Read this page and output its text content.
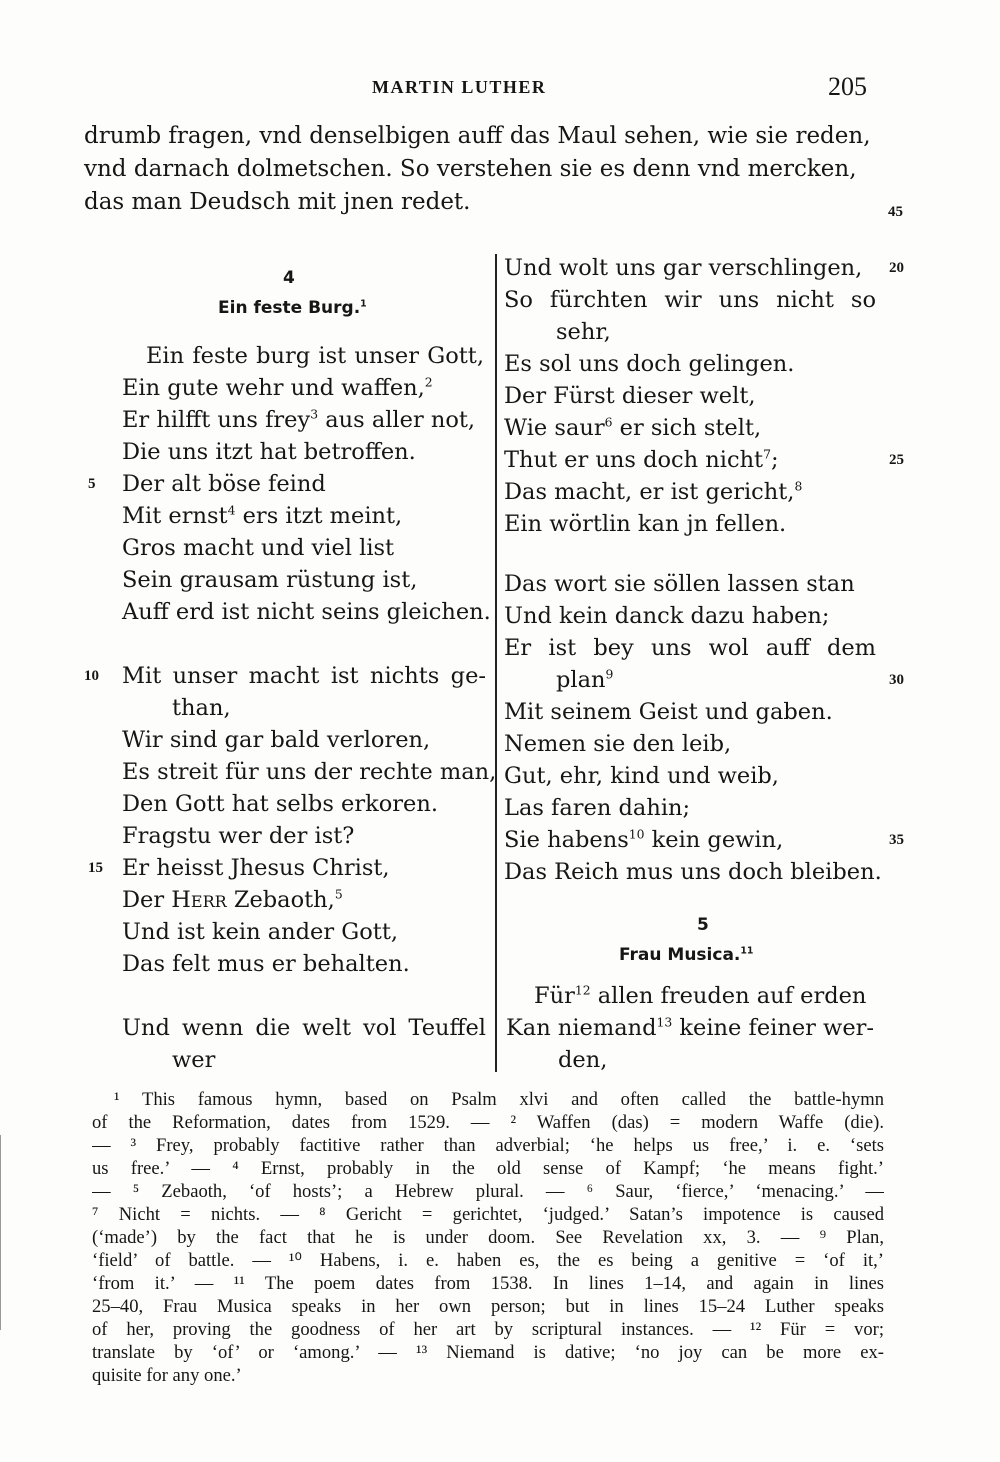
MARTIN LUTHER	205
drumb fragen, vnd denselbigen auff das Maul sehen, wie sie reden,
vnd darnach dolmetschen. So verstehen sie es denn vnd mercken,
das man Deudsch mit jnen redet.	45
4
Ein feste Burg.$^1$
Ein feste burg ist unser Gott,
Ein gute wehr und waffen,$^2$
Er hilfft uns frey$^3$ aus aller not,
Die uns itzt hat betroffen.
Der alt böse feind
5
Mit ernst$^4$ ers itzt meint,
Gros macht und viel list
Sein grausam rüstung ist,
Auff erd ist nicht seins gleichen.
Mit unser macht ist nichts ge-
10
than,
Wir sind gar bald verloren,
Es streit für uns der rechte man,
Den Gott hat selbs erkoren.
Fragstu wer der ist?
Er heisst Jhesus Christ,
15
Der Herr Zebaoth,$^5$
Und ist kein ander Gott,
Das felt mus er behalten.
Und wenn die welt vol Teuffel
wer
Und wolt uns gar verschlingen, 20
So fürchten wir uns nicht so
sehr,
Es sol uns doch gelingen.
Der Fürst dieser welt,
Wie saur$^6$ er sich stelt,
Thut er uns doch nicht$^7$;	25
Das macht, er ist gericht,$^8$
Ein wörtlin kan jn fellen.
Das wort sie söllen lassen stan
Und kein danck dazu haben;
Er ist bey uns wol auff dem
plan$^9$	30
Mit seinem Geist und gaben.
Nemen sie den leib,
Gut, ehr, kind und weib,
Las faren dahin;
Sie habens$^{10}$ kein gewin,	35
Das Reich mus uns doch bleiben.
5
Frau Musica.$^{11}$
Für$^{12}$ allen freuden auf erden
Kan niemand$^{13}$ keine feiner wer-
den,
¹ This famous hymn, based on Psalm xlvi and often called the battle-hymn
of the Reformation, dates from 1529. — ² Waffen (das) = modern Waffe (die).
— ³ Frey, probably factitive rather than adverbial; ‘he helps us free,’ i. e. ‘sets
us free.’ — ⁴ Ernst, probably in the old sense of Kampf; ‘he means fight.’
— ⁵ Zebaoth, ‘of hosts’; a Hebrew plural. — ⁶ Saur, ‘fierce,’ ‘menacing.’ —
⁷ Nicht = nichts. — ⁸ Gericht = gerichtet, ‘judged.’ Satan’s impotence is caused
(‘made’) by the fact that he is under doom. See Revelation xx, 3. — ⁹ Plan,
‘field’ of battle. — ¹⁰ Habens, i. e. haben es, the es being a genitive = ‘of it,’
‘from it.’ — ¹¹ The poem dates from 1538. In lines 1–14, and again in lines
25–40, Frau Musica speaks in her own person; but in lines 15–24 Luther speaks
of her, proving the goodness of her art by scriptural instances. — ¹² Für = vor;
translate by ‘of’ or ‘among.’ — ¹³ Niemand is dative; ‘no joy can be more ex-
quisite for any one.’
